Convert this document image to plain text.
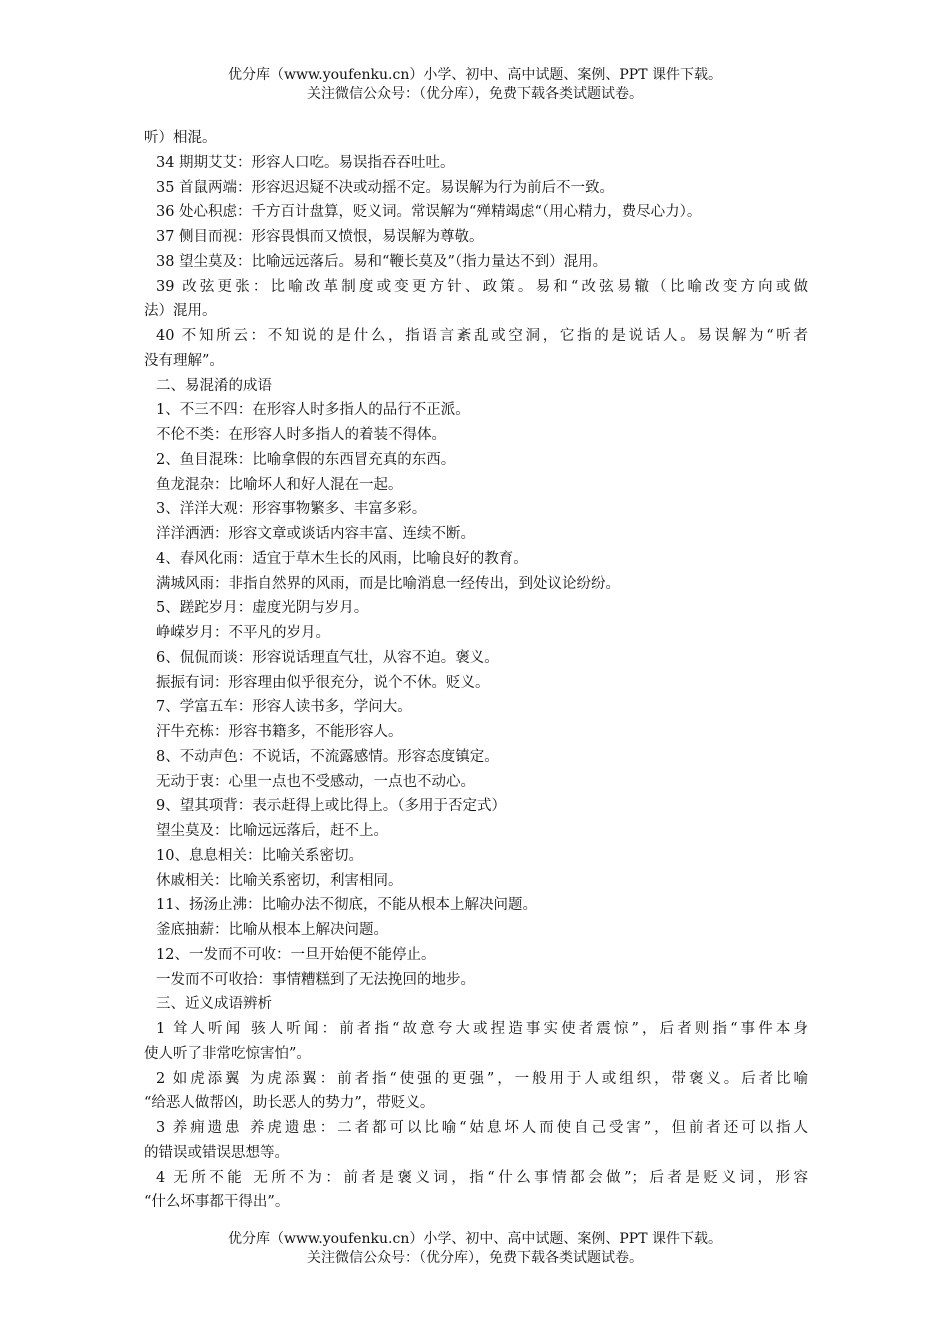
优分库（www.youfenku.cn）小学、初中、高中试题、案例、PPT 课件下载。
关注微信公众号：（优分库），免费下载各类试题试卷。
听）相混。
34 期期艾艾：形容人口吃。易误指吞吞吐吐。
35 首鼠两端：形容迟迟疑不决或动摇不定。易误解为行为前后不一致。
36 处心积虑：千方百计盘算，贬义词。常误解为“殚精竭虑“（用心精力，费尽心力）。
37 侧目而视：形容畏惧而又愤恨，易误解为尊敬。
38 望尘莫及：比喻远远落后。易和“鞭长莫及”（指力量达不到）混用。
39 改弦更张：比喻改革制度或变更方针、政策。易和“改弦易辙（比喻改变方向或做
法）混用。
40 不知所云：不知说的是什么，指语言紊乱或空洞，它指的是说话人。易误解为“听者
没有理解”。
二、易混淆的成语
1、不三不四：在形容人时多指人的品行不正派。
不伦不类：在形容人时多指人的着装不得体。
2、鱼目混珠：比喻拿假的东西冒充真的东西。
鱼龙混杂：比喻坏人和好人混在一起。
3、洋洋大观：形容事物繁多、丰富多彩。
洋洋洒洒：形容文章或谈话内容丰富、连续不断。
4、春风化雨：适宜于草木生长的风雨，比喻良好的教育。
满城风雨：非指自然界的风雨，而是比喻消息一经传出，到处议论纷纷。
5、蹉跎岁月：虚度光阴与岁月。
峥嵘岁月：不平凡的岁月。
6、侃侃而谈：形容说话理直气壮，从容不迫。褒义。
振振有词：形容理由似乎很充分，说个不休。贬义。
7、学富五车：形容人读书多，学问大。
汗牛充栋：形容书籍多，不能形容人。
8、不动声色：不说话，不流露感情。形容态度镇定。
无动于衷：心里一点也不受感动，一点也不动心。
9、望其项背：表示赶得上或比得上。（多用于否定式）
望尘莫及：比喻远远落后，赶不上。
10、息息相关：比喻关系密切。
休戚相关：比喻关系密切，利害相同。
11、扬汤止沸：比喻办法不彻底，不能从根本上解决问题。
釜底抽薪：比喻从根本上解决问题。
12、一发而不可收：一旦开始便不能停止。
一发而不可收拾：事情糟糕到了无法挽回的地步。
三、近义成语辨析
1 耸人听闻 骇人听闻：前者指“故意夸大或捏造事实使者震惊”，后者则指“事件本身
使人听了非常吃惊害怕”。
2 如虎添翼 为虎添翼：前者指“使强的更强”，一般用于人或组织，带褒义。后者比喻
“给恶人做帮凶，助长恶人的势力”，带贬义。
3 养痈遗患 养虎遗患：二者都可以比喻“姑息坏人而使自己受害”，但前者还可以指人
的错误或错误思想等。
4 无所不能 无所不为：前者是褒义词，指“什么事情都会做”；后者是贬义词，形容
“什么坏事都干得出”。
优分库（www.youfenku.cn）小学、初中、高中试题、案例、PPT 课件下载。
关注微信公众号：（优分库），免费下载各类试题试卷。
